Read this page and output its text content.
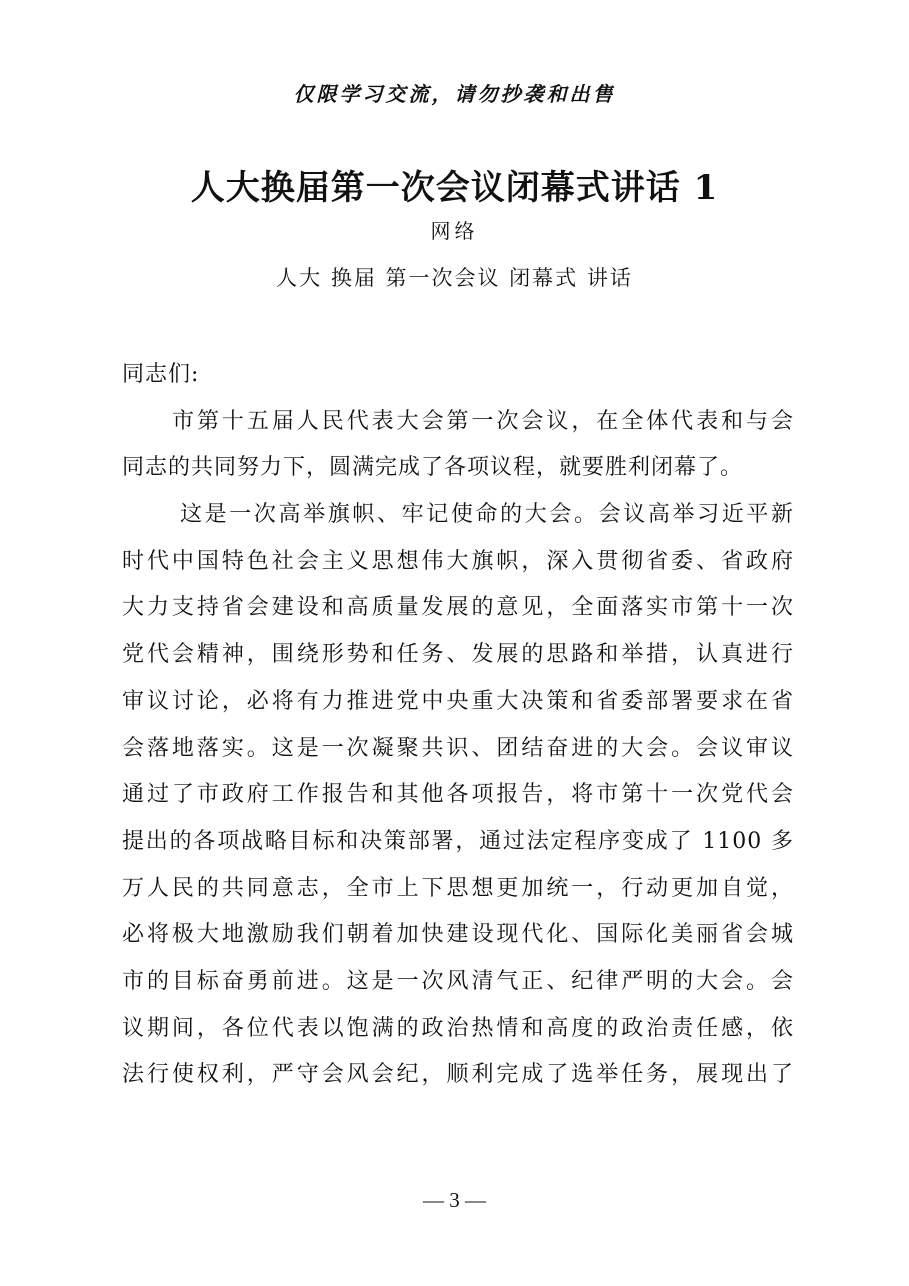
仅限学习交流，请勿抄袭和出售
人大换届第一次会议闭幕式讲话 1
网络
人大 换届 第一次会议 闭幕式 讲话
同志们:
市第十五届人民代表大会第一次会议，在全体代表和与会
同志的共同努力下，圆满完成了各项议程，就要胜利闭幕了。
这是一次高举旗帜、牢记使命的大会。会议高举习近平新
时代中国特色社会主义思想伟大旗帜，深入贯彻省委、省政府
大力支持省会建设和高质量发展的意见，全面落实市第十一次
党代会精神，围绕形势和任务、发展的思路和举措，认真进行
审议讨论，必将有力推进党中央重大决策和省委部署要求在省
会落地落实。这是一次凝聚共识、团结奋进的大会。会议审议
通过了市政府工作报告和其他各项报告，将市第十一次党代会
提出的各项战略目标和决策部署，通过法定程序变成了 1100 多
万人民的共同意志，全市上下思想更加统一，行动更加自觉，
必将极大地激励我们朝着加快建设现代化、国际化美丽省会城
市的目标奋勇前进。这是一次风清气正、纪律严明的大会。会
议期间，各位代表以饱满的政治热情和高度的政治责任感，依
法行使权利，严守会风会纪，顺利完成了选举任务，展现出了
— 3 —
